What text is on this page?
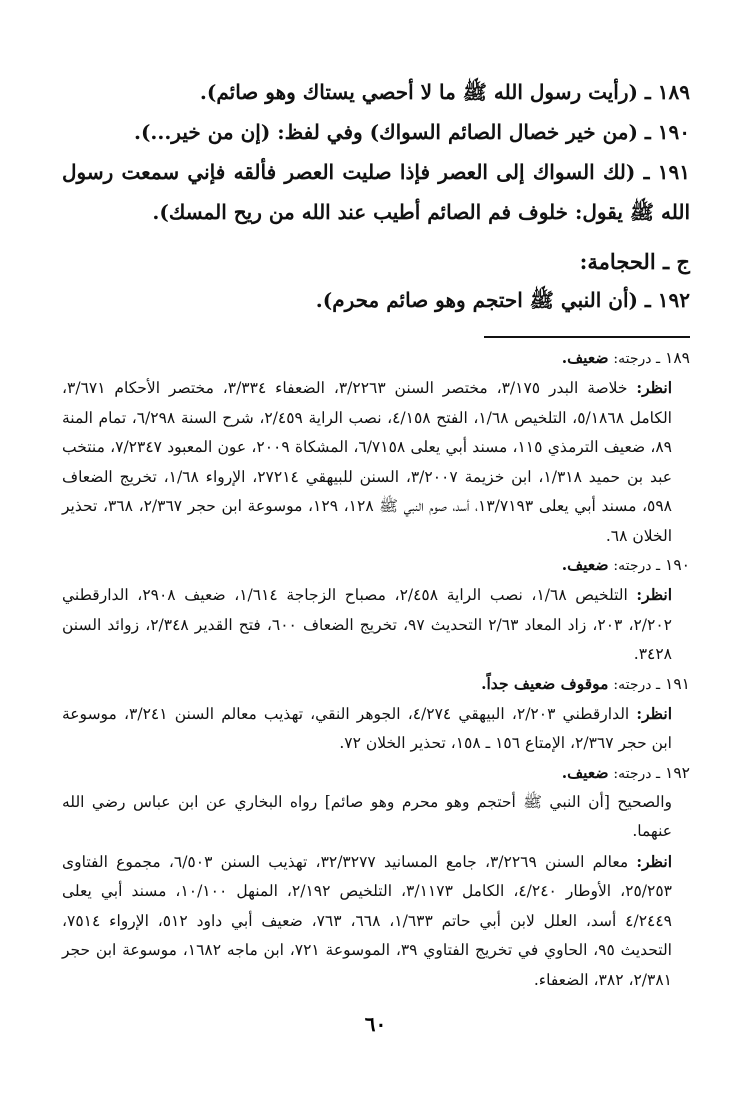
١٨٩ ـ (رأيت رسول الله ﷺ ما لا أحصي يستاك وهو صائم).
١٩٠ ـ (من خير خصال الصائم السواك) وفي لفظ: (إن من خير...).
١٩١ ـ (لك السواك إلى العصر فإذا صليت العصر فألقه فإني سمعت رسول الله ﷺ يقول: خلوف فم الصائم أطيب عند الله من ريح المسك).
ج ـ الحجامة:
١٩٢ ـ (أن النبي ﷺ احتجم وهو صائم محرم).
١٨٩ ـ درجته: ضعيف.
انظر: خلاصة البدر ٣/١٧٥، مختصر السنن ٣/٢٢٦٣، الضعفاء ٣/٣٣٤، مختصر الأحكام ٣/٦٧١، الكامل ٥/١٨٦٨، التلخيص ١/٦٨، الفتح ٤/١٥٨، نصب الراية ٢/٤٥٩، شرح السنة ٦/٢٩٨، تمام المنة ٨٩، ضعيف الترمذي ١١٥، مسند أبي يعلى ٦/٧١٥٨، المشكاة ٢٠٠٩، عون المعبود ٧/٢٣٤٧، منتخب عبد بن حميد ١/٣١٨، ابن خزيمة ٣/٢٠٠٧، السنن للبيهقي ٢٧٢١٤، الإرواء ١/٦٨، تخريج الضعاف ٥٩٨، مسند أبي يعلى ١٣/٧١٩٣، أسد، صوم النبي ﷺ ١٢٨، ١٢٩، موسوعة ابن حجر ٢/٣٦٧، ٣٦٨، تحذير الخلان ٦٨.
١٩٠ ـ درجته: ضعيف.
انظر: التلخيص ١/٦٨، نصب الراية ٢/٤٥٨، مصباح الزجاجة ١/٦١٤، ضعيف ٢٩٠٨، الدارقطني ٢/٢٠٢، ٢٠٣، زاد المعاد ٢/٦٣ التحديث ٩٧، تخريج الضعاف ٦٠٠، فتح القدير ٢/٣٤٨، زوائد السنن ٣٤٢٨.
١٩١ ـ درجته: موقوف ضعيف جداً.
انظر: الدارقطني ٢/٢٠٣، البيهقي ٤/٢٧٤، الجوهر النقي، تهذيب معالم السنن ٣/٢٤١، موسوعة ابن حجر ٢/٣٦٧، الإمتاع ١٥٦ ـ ١٥٨، تحذير الخلان ٧٢.
١٩٢ ـ درجته: ضعيف.
والصحيح [أن النبي ﷺ أحتجم وهو محرم وهو صائم] رواه البخاري عن ابن عباس رضي الله عنهما.
انظر: معالم السنن ٣/٢٢٦٩، جامع المسانيد ٣٢/٣٢٧٧، تهذيب السنن ٦/٥٠٣، مجموع الفتاوى ٢٥/٢٥٣، الأوطار ٤/٢٤٠، الكامل ٣/١١٧٣، التلخيص ٢/١٩٢، المنهل ١٠/١٠٠، مسند أبي يعلى ٤/٢٤٤٩ أسد، العلل لابن أبي حاتم ١/٦٣٣، ٦٦٨، ٧٦٣، ضعيف أبي داود ٥١٢، الإرواء ٧٥١٤، التحديث ٩٥، الحاوي في تخريج الفتاوي ٣٩، الموسوعة ٧٢١، ابن ماجه ١٦٨٢، موسوعة ابن حجر ٢/٣٨١، ٣٨٢، الضعفاء.
٦٠
